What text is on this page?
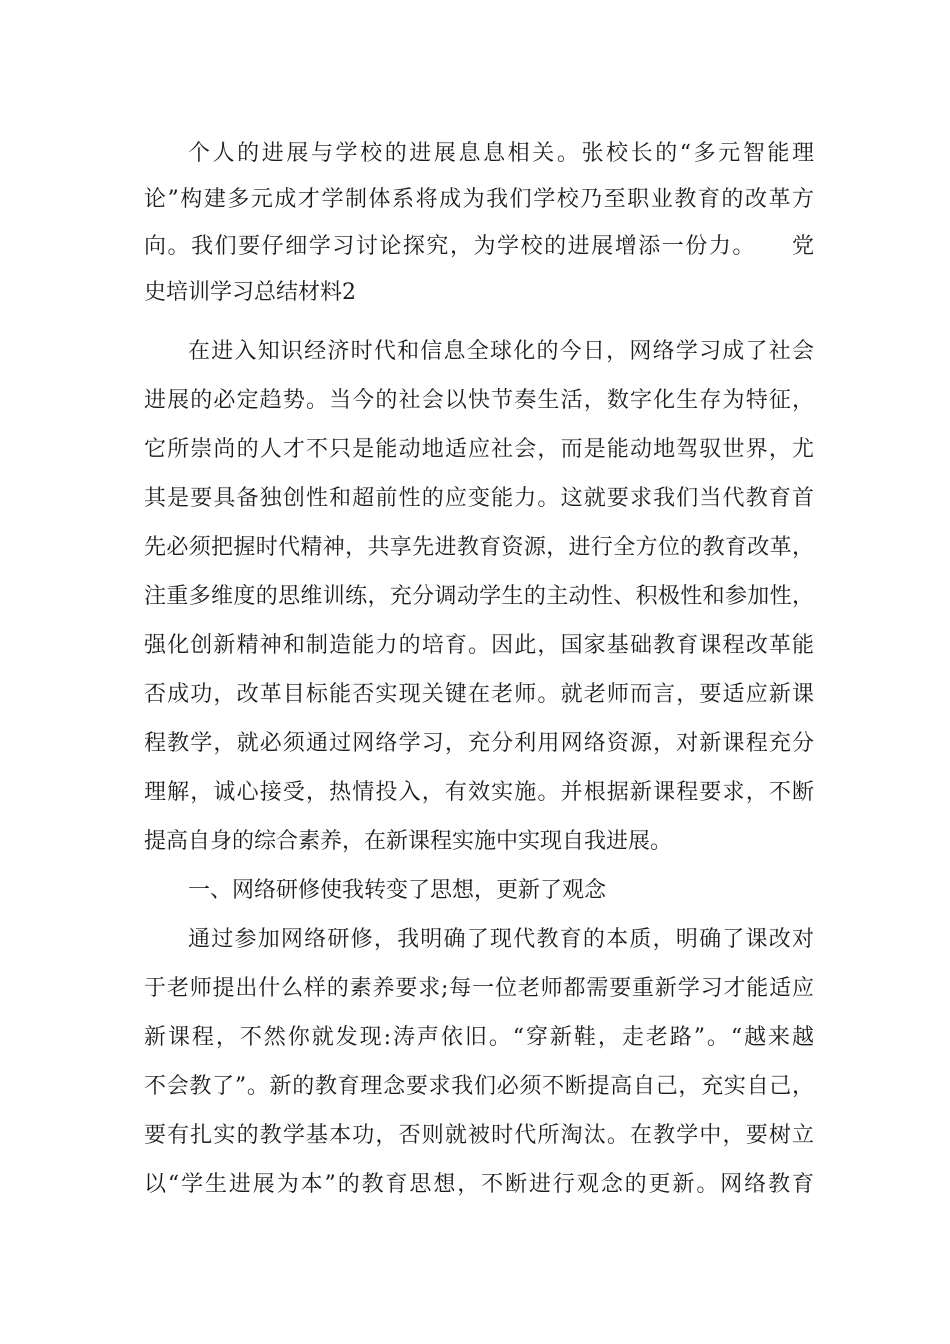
个人的进展与学校的进展息息相关。张校长的“多元智能理
论”构建多元成才学制体系将成为我们学校乃至职业教育的改革方
向。我们要仔细学习讨论探究，为学校的进展增添一份力。　　党
史培训学习总结材料2
在进入知识经济时代和信息全球化的今日，网络学习成了社会
进展的必定趋势。当今的社会以快节奏生活，数字化生存为特征，
它所崇尚的人才不只是能动地适应社会，而是能动地驾驭世界，尤
其是要具备独创性和超前性的应变能力。这就要求我们当代教育首
先必须把握时代精神，共享先进教育资源，进行全方位的教育改革，
注重多维度的思维训练，充分调动学生的主动性、积极性和参加性，
强化创新精神和制造能力的培育。因此，国家基础教育课程改革能
否成功，改革目标能否实现关键在老师。就老师而言，要适应新课
程教学，就必须通过网络学习，充分利用网络资源，对新课程充分
理解，诚心接受，热情投入，有效实施。并根据新课程要求，不断
提高自身的综合素养，在新课程实施中实现自我进展。
一、网络研修使我转变了思想，更新了观念
通过参加网络研修，我明确了现代教育的本质，明确了课改对
于老师提出什么样的素养要求;每一位老师都需要重新学习才能适应
新课程，不然你就发现:涛声依旧。“穿新鞋，走老路”。“越来越
不会教了”。新的教育理念要求我们必须不断提高自己，充实自己，
要有扎实的教学基本功，否则就被时代所淘汰。在教学中，要树立
以“学生进展为本”的教育思想，不断进行观念的更新。网络教育
